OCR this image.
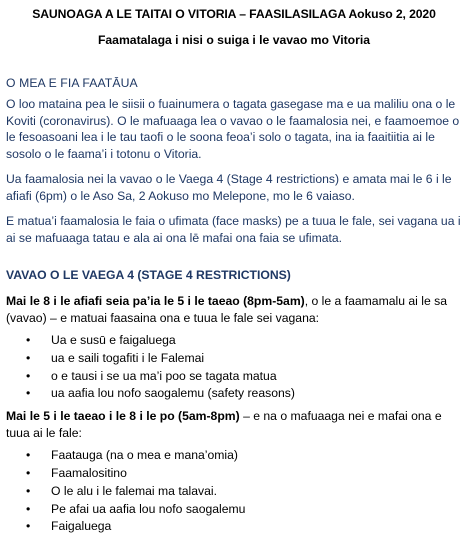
SAUNOAGA A LE TAITAI O VITORIA – FAASILASILAGA Aokuso 2, 2020
Faamatalaga i nisi o suiga i le vavao mo Vitoria
O MEA E FIA FAATĀUA

O loo mataina pea le siisii o fuainumera o tagata gasegase ma e ua maliliu ona o le Koviti (coronavirus). O le mafuaaga lea o vavao o le faamalosia nei, e faamoemoe o le fesoasoani lea i le tau taofi o le soona feoa’i solo o tagata, ina ia faaitiitia ai le sosolo o le faama’i i totonu o Vitoria.

Ua faamalosia nei la vavao o le Vaega 4 (Stage 4 restrictions) e amata mai le 6 i le afiafi (6pm) o le Aso Sa, 2 Aokuso mo Melepone, mo le 6 vaiaso.

E matua’i faamalosia le faia o ufimata (face masks) pe a tuua le fale, sei vagana ua i ai se mafuaaga tatau e ala ai ona lē mafai ona faia se ufimata.

VAVAO O LE VAEGA 4 (STAGE 4 RESTRICTIONS)
Mai le 8 i le afiafi seia pa’ia le 5 i le taeao (8pm-5am), o le a faamamalu ai le sa (vavao) – e matuai faasaina ona e tuua le fale sei vagana:
• Ua e susū e faigaluega
• ua e saili togafiti i le Falemai
• o e tausi i se ua ma’i poo se tagata matua
• ua aafia lou nofo saogalemu (safety reasons)
Mai le 5 i le taeao i le 8 i le po (5am-8pm) – e na o mafuaaga nei e mafai ona e tuua ai le fale:
• Faatauga (na o mea e mana’omia)
• Faamalositino
• O le alu i le falemai ma talavai.
• Pe afai ua aafia lou nofo saogalemu
• Faigaluega
